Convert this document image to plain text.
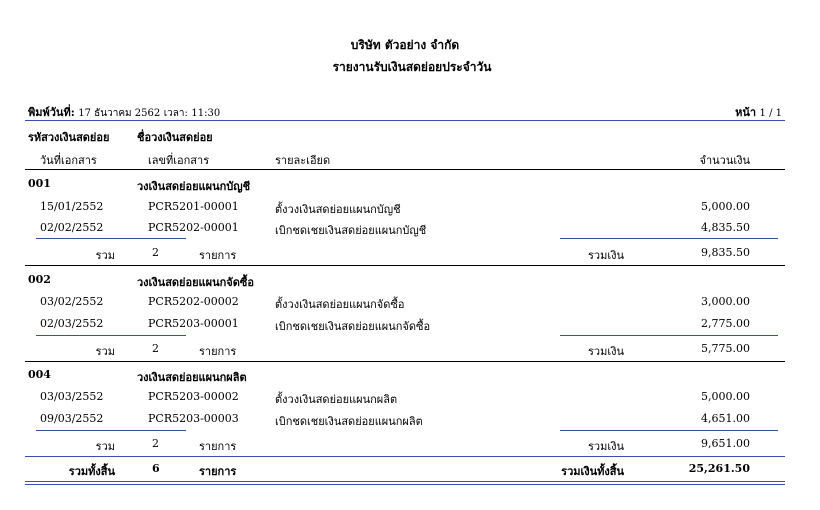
บริษัท ตัวอย่าง จำกัด
รายงานรับเงินสดย่อยประจำวัน
พิมพ์วันที่: 17 ธันวาคม 2562 เวลา: 11:30	หน้า 1 / 1
รหัสวงเงินสดย่อย	ชื่อวงเงินสดย่อย
วันที่เอกสาร	เลขที่เอกสาร	รายละเอียด	จำนวนเงิน
001	วงเงินสดย่อยแผนกบัญชี
15/01/2552	PCR5201-00001	ตั้งวงเงินสดย่อยแผนกบัญชี	5,000.00
02/02/2552	PCR5202-00001	เบิกชดเชยเงินสดย่อยแผนกบัญชี	4,835.50
รวม	2	รายการ	รวมเงิน	9,835.50
002	วงเงินสดย่อยแผนกจัดซื้อ
03/02/2552	PCR5202-00002	ตั้งวงเงินสดย่อยแผนกจัดซื้อ	3,000.00
02/03/2552	PCR5203-00001	เบิกชดเชยเงินสดย่อยแผนกจัดซื้อ	2,775.00
รวม	2	รายการ	รวมเงิน	5,775.00
004	วงเงินสดย่อยแผนกผลิต
03/03/2552	PCR5203-00002	ตั้งวงเงินสดย่อยแผนกผลิต	5,000.00
09/03/2552	PCR5203-00003	เบิกชดเชยเงินสดย่อยแผนกผลิต	4,651.00
รวม	2	รายการ	รวมเงิน	9,651.00
รวมทั้งสิ้น	6	รายการ	รวมเงินทั้งสิ้น	25,261.50
